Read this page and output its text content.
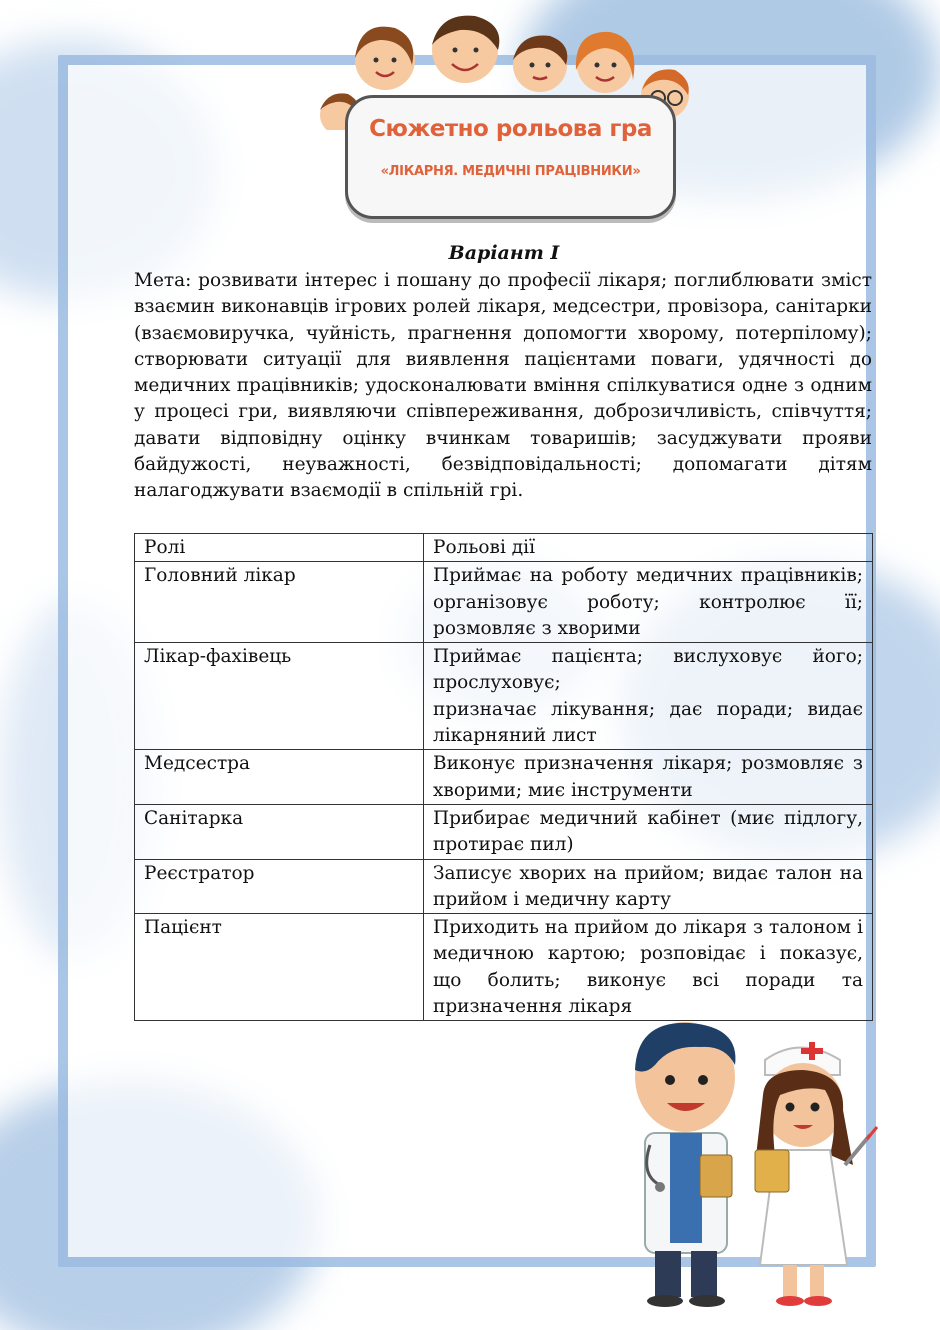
Сюжетно рольова гра
«ЛІКАРНЯ. МЕДИЧНІ ПРАЦІВНИКИ»
Варіант І
Мета: розвивати інтерес і пошану до професії лікаря; поглиблювати зміст взаємин виконавців ігрових ролей лікаря, медсестри, провізора, санітарки (взаємовиручка, чуйність, прагнення допомогти хворому, потерпілому); створювати ситуації для виявлення пацієнтами поваги, удячності до медичних працівників; удосконалювати вміння спілкуватися одне з одним у процесі гри, виявляючи співпереживання, доброзичливість, співчуття; давати відповідну оцінку вчинкам товаришів; засуджувати прояви байдужості, неуважності, безвідповідальності; допомагати дітям налагоджувати взаємодії в спільній грі.
Ролі	Рольові дії
Головний лікар	Приймає на роботу медичних працівників; організовує роботу; контролює її; розмовляє з хворими

Лікар-фахівець	Приймає пацієнта; вислуховує його; прослуховує;
призначає лікування; дає поради; видає лікарняний лист

Медсестра	Виконує призначення лікаря; розмовляє з хворими; миє інструменти

Санітарка	Прибирає медичний кабінет (миє підлогу, протирає пил)

Реєстратор	Записує хворих на прийом; видає талон на прийом і медичну карту

Пацієнт	Приходить на прийом до лікаря з талоном і медичною картою; розповідає і показує, що болить; виконує всі поради та призначення лікаря
